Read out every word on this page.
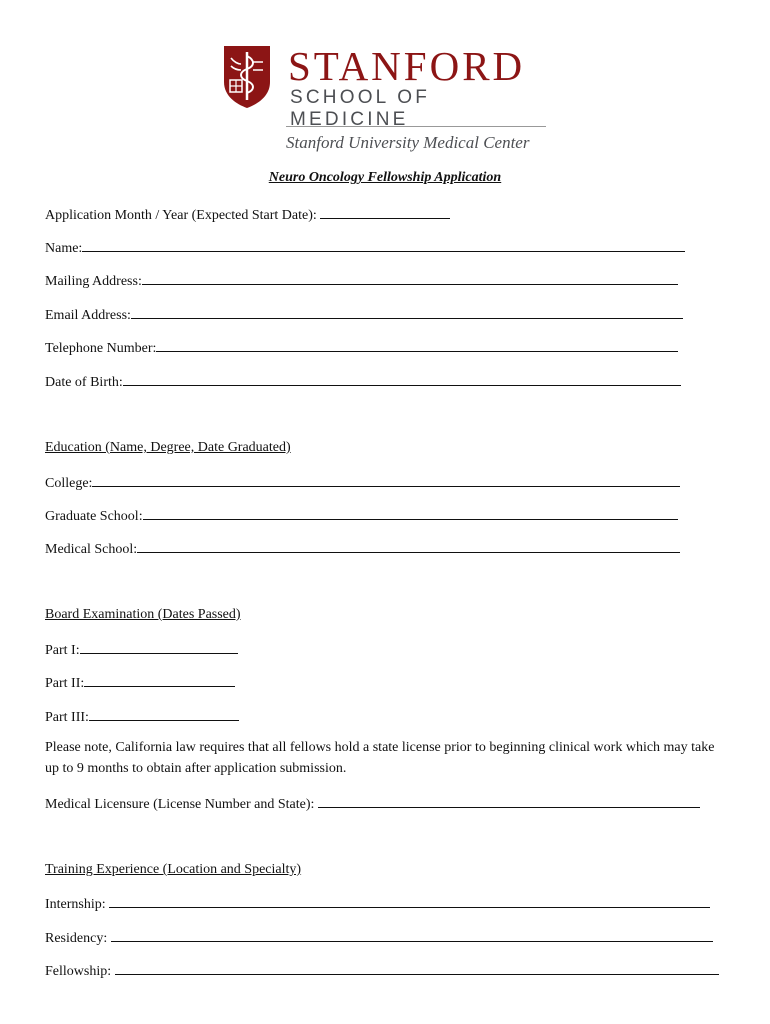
STANFORD
SCHOOL OF MEDICINE
Stanford University Medical Center
Neuro Oncology Fellowship Application
Application Month / Year (Expected Start Date):
Name:
Mailing Address:
Email Address:
Telephone Number:
Date of Birth:
Education (Name, Degree, Date Graduated)
College:
Graduate School:
Medical School:
Board Examination (Dates Passed)
Part I:
Part II:
Part III:
Please note, California law requires that all fellows hold a state license prior to beginning clinical work which may take up to 9 months to obtain after application submission.
Medical Licensure (License Number and State):
Training Experience (Location and Specialty)
Internship:
Residency:
Fellowship:
